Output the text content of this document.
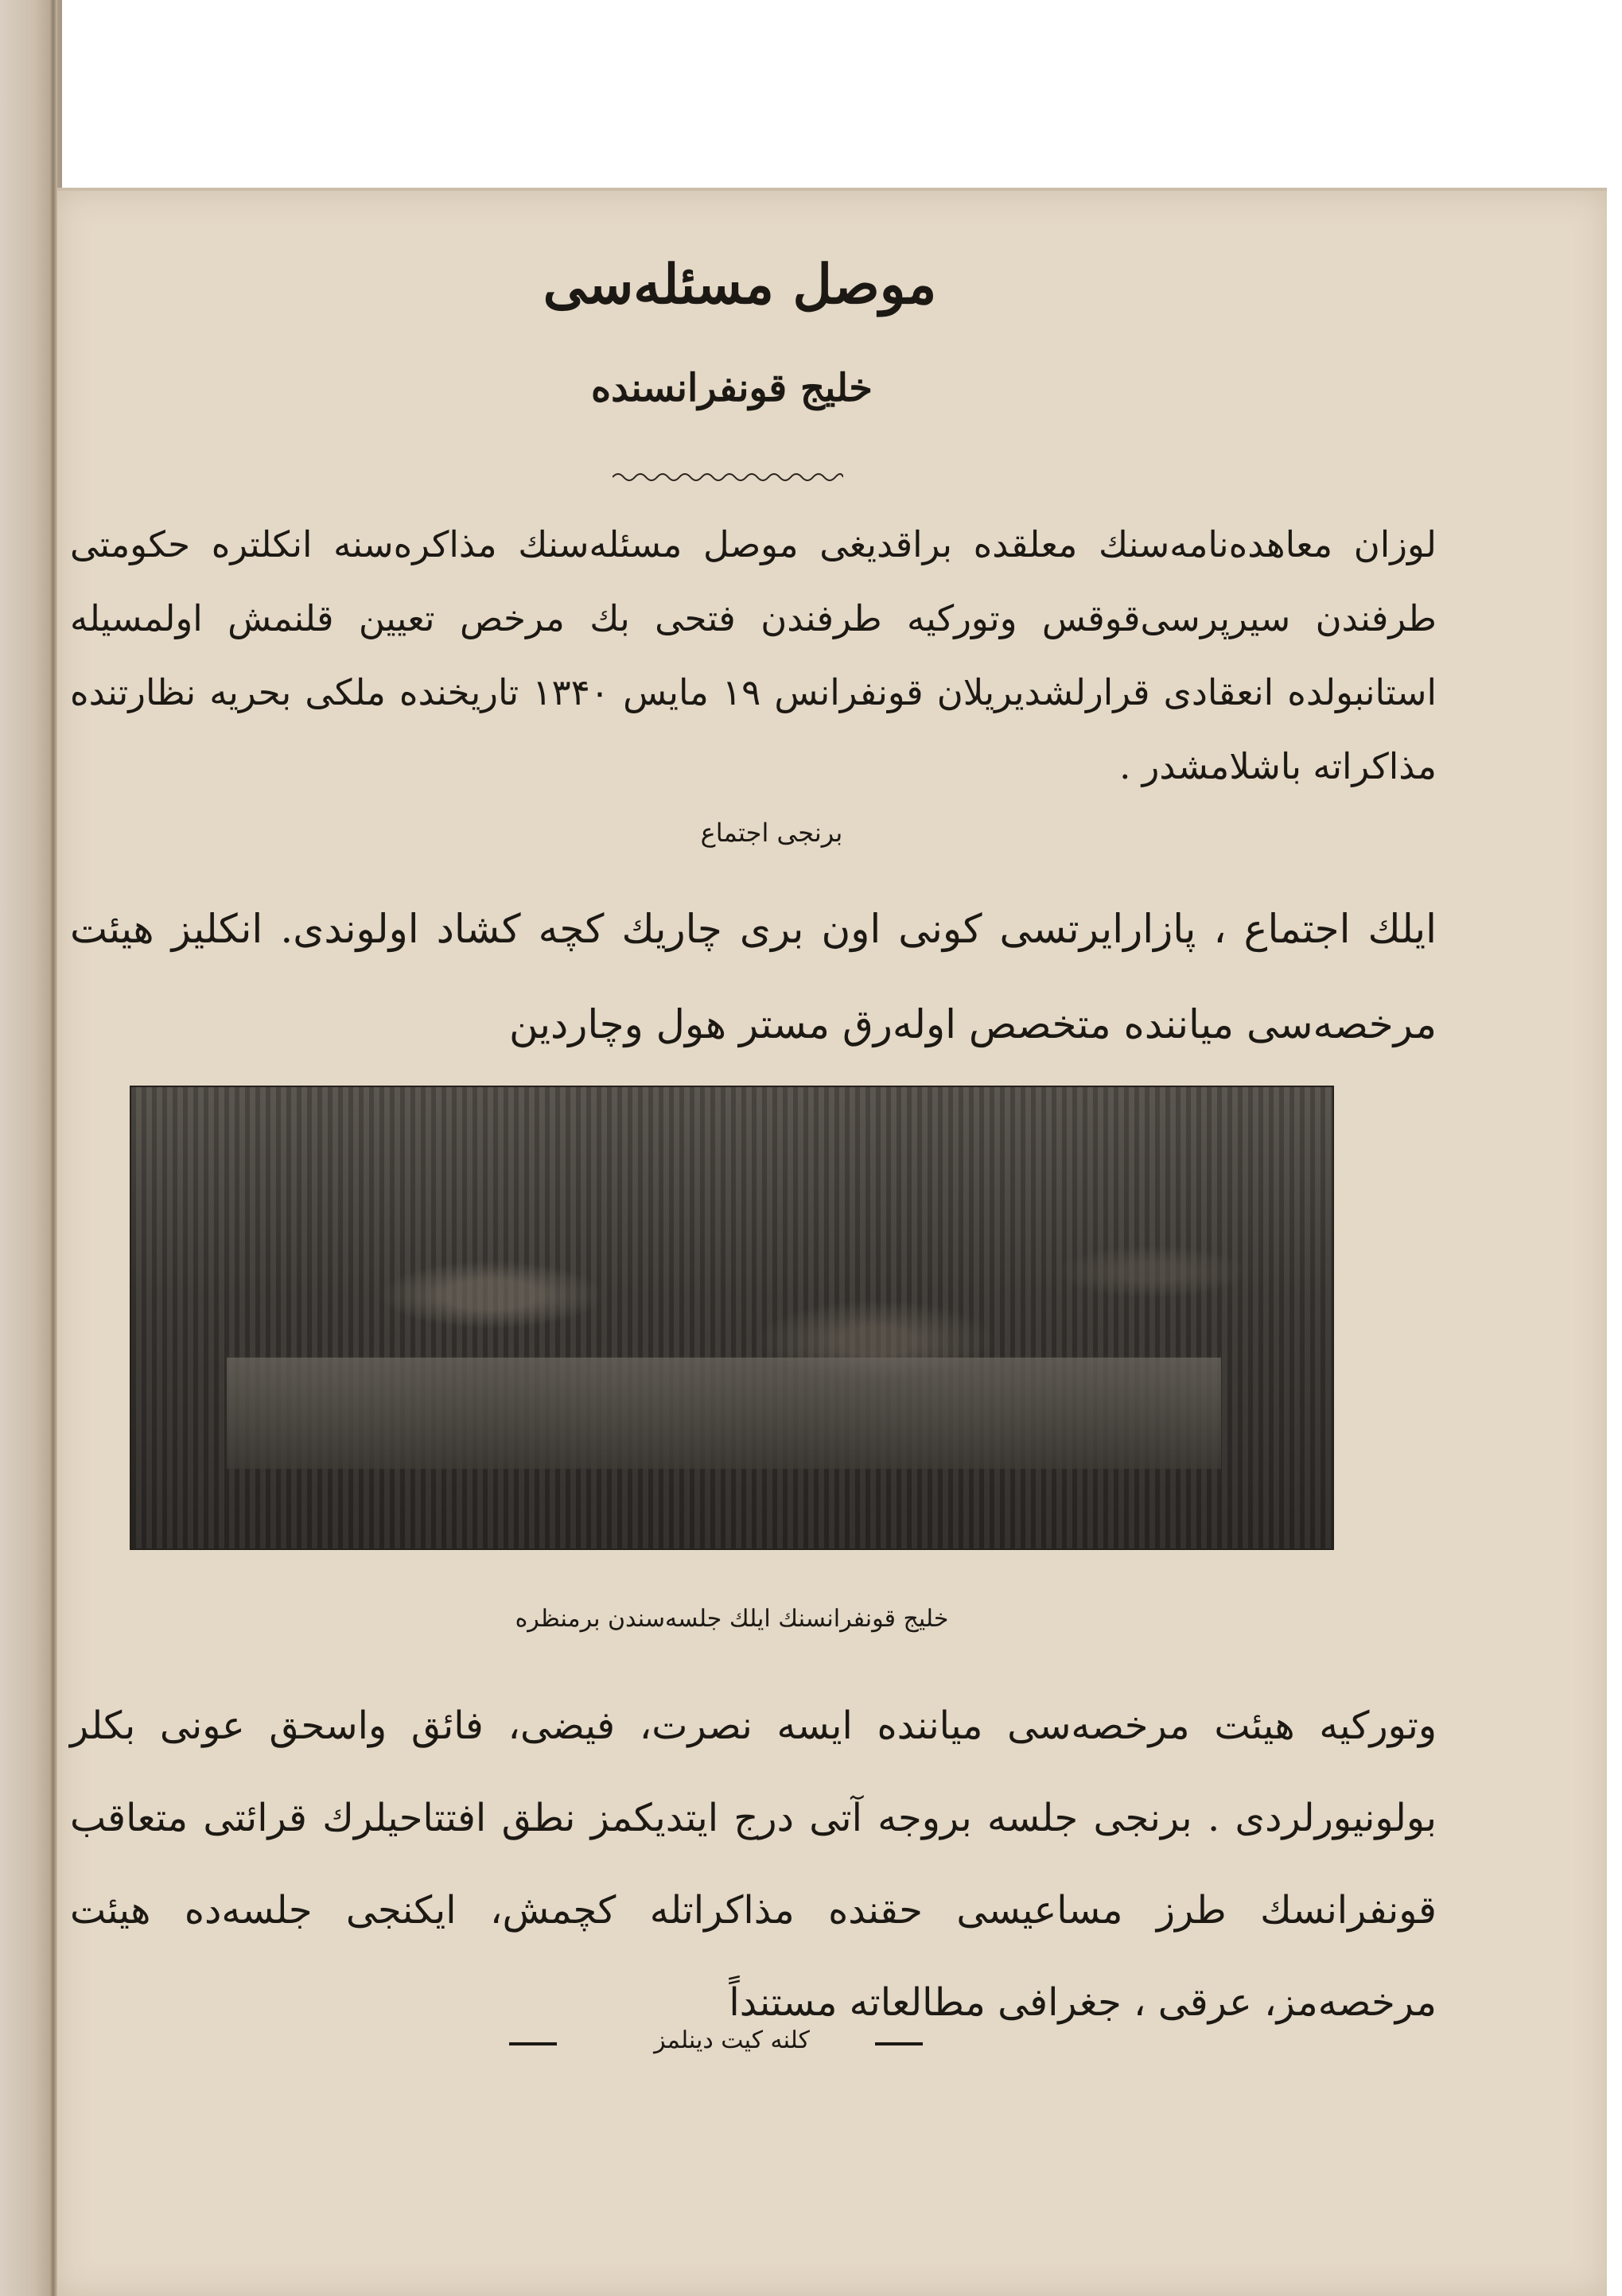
موصل مسئله‌سی
خلیج قونفرانسنده
لوزان معاهده‌نامه‌سنك معلقده براقدیغی موصل مسئله‌سنك مذاکره‌سنه انکلتره حکومتی طرفندن سیرپرسی‌قوقس وتورکیه طرفندن فتحی بك مرخص تعیین قلنمش اولمسیله استانبولده انعقادی قرارلشدیریلان قونفرانس ۱۹ مایس ۱۳۴۰ تاریخنده ملکی بحریه نظارتنده مذاکراته باشلامشدر .
برنجی اجتماع
ایلك اجتماع ، پازارایرتسی کونی اون بری چاریك کچه کشاد اولوندی. انکلیز هیئت مرخصه‌سی میاننده متخصص اوله‌رق مستر هول وچاردین
خلیج قونفرانسنك ایلك جلسه‌سندن برمنظره
وتورکیه هیئت مرخصه‌سی میاننده ایسه نصرت، فیضی، فائق واسحق عونی بکلر بولونیورلردی . برنجی جلسه بروجه آتی درج ایتدیکمز نطق افتتاحیلرك قرائتی متعاقب قونفرانسك طرز مساعیسی حقنده مذاکراتله کچمش، ایکنجی جلسه‌ده هیئت مرخصه‌مز، عرقی ، جغرافی مطالعاته مستنداً
کلنه کیت دینلمز
